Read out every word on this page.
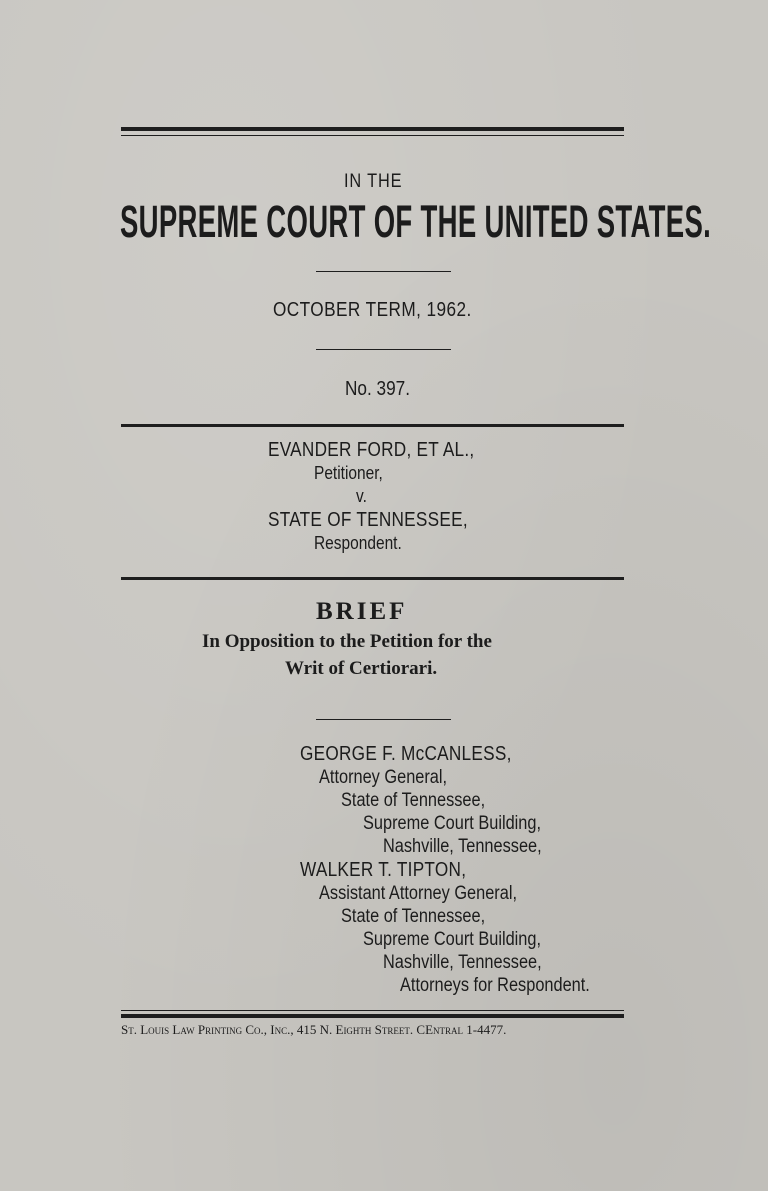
IN THE
SUPREME COURT OF THE UNITED STATES.
OCTOBER TERM, 1962.
No. 397.
EVANDER FORD, ET AL.,
Petitioner,
v.
STATE OF TENNESSEE,
Respondent.
BRIEF
In Opposition to the Petition for the
Writ of Certiorari.
GEORGE F. McCANLESS,
Attorney General,
State of Tennessee,
Supreme Court Building,
Nashville, Tennessee,
WALKER T. TIPTON,
Assistant Attorney General,
State of Tennessee,
Supreme Court Building,
Nashville, Tennessee,
Attorneys for Respondent.
St. Louis Law Printing Co., Inc., 415 N. Eighth Street. CEntral 1-4477.
